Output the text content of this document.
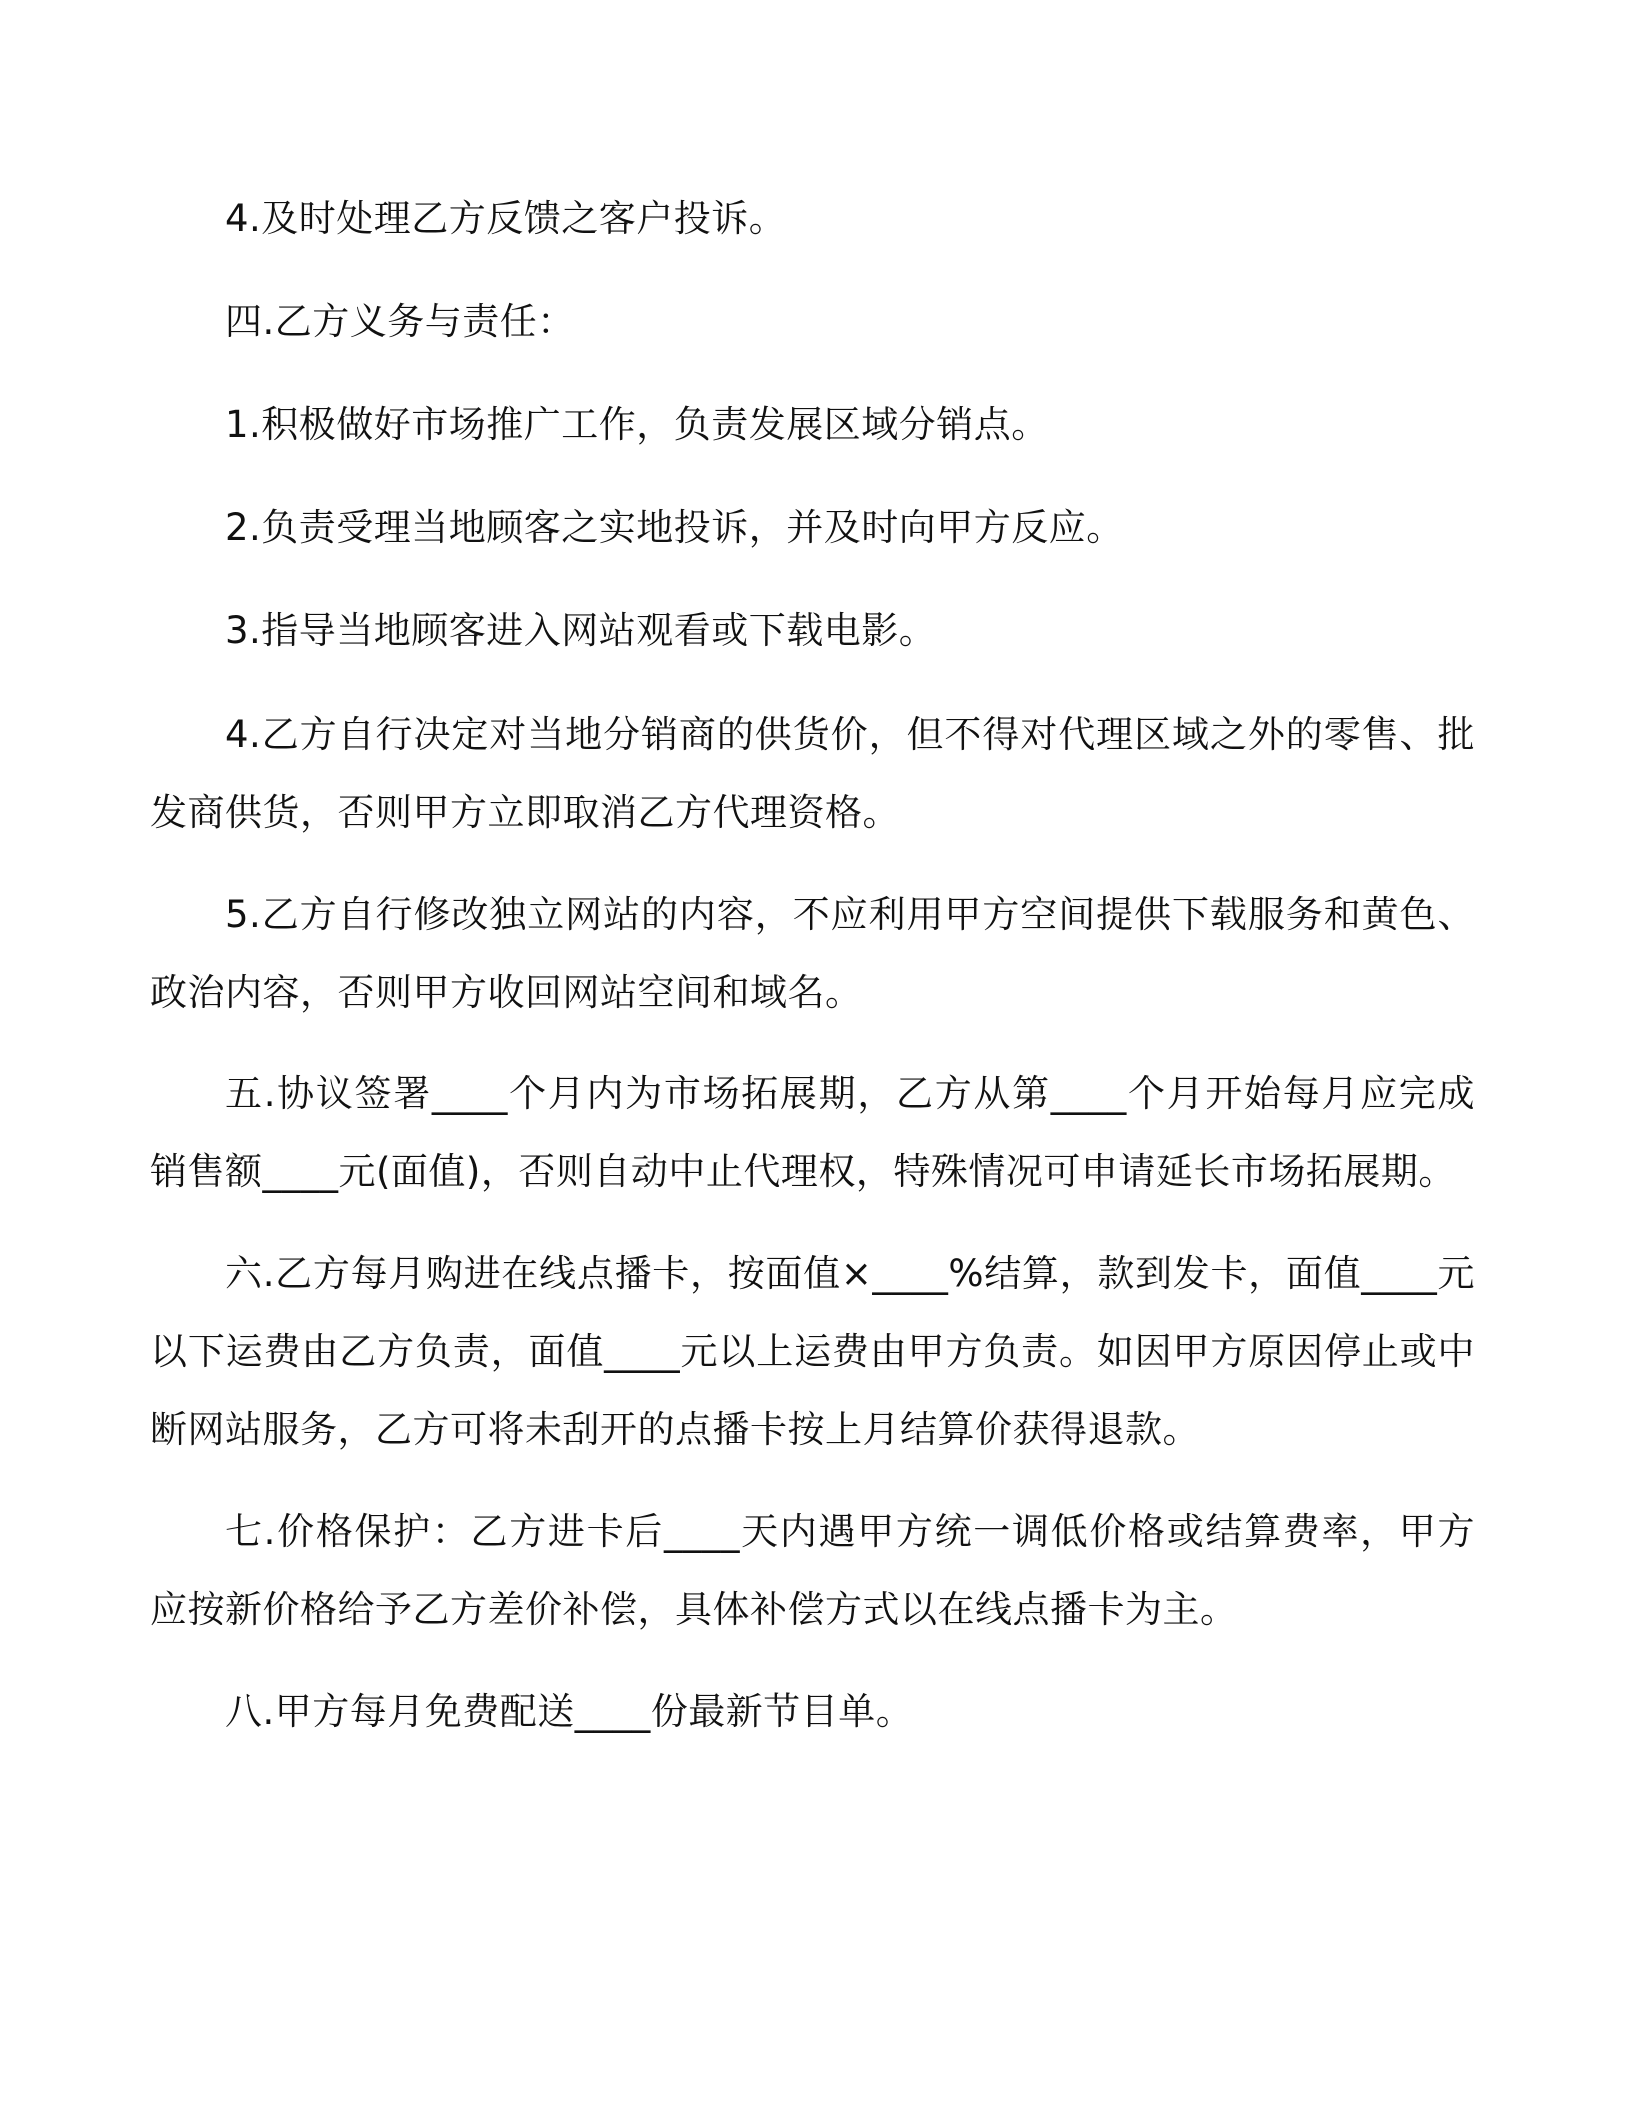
4.及时处理乙方反馈之客户投诉。

四.乙方义务与责任：

1.积极做好市场推广工作，负责发展区域分销点。

2.负责受理当地顾客之实地投诉，并及时向甲方反应。

3.指导当地顾客进入网站观看或下载电影。

4.乙方自行决定对当地分销商的供货价，但不得对代理区域之外的零售、批发商供货，否则甲方立即取消乙方代理资格。

5.乙方自行修改独立网站的内容，不应利用甲方空间提供下载服务和黄色、政治内容，否则甲方收回网站空间和域名。

五.协议签署____个月内为市场拓展期，乙方从第____个月开始每月应完成销售额____元(面值)，否则自动中止代理权，特殊情况可申请延长市场拓展期。

六.乙方每月购进在线点播卡，按面值×____%结算，款到发卡，面值____元以下运费由乙方负责，面值____元以上运费由甲方负责。如因甲方原因停止或中断网站服务，乙方可将未刮开的点播卡按上月结算价获得退款。

七.价格保护：乙方进卡后____天内遇甲方统一调低价格或结算费率，甲方应按新价格给予乙方差价补偿，具体补偿方式以在线点播卡为主。

八.甲方每月免费配送____份最新节目单。
